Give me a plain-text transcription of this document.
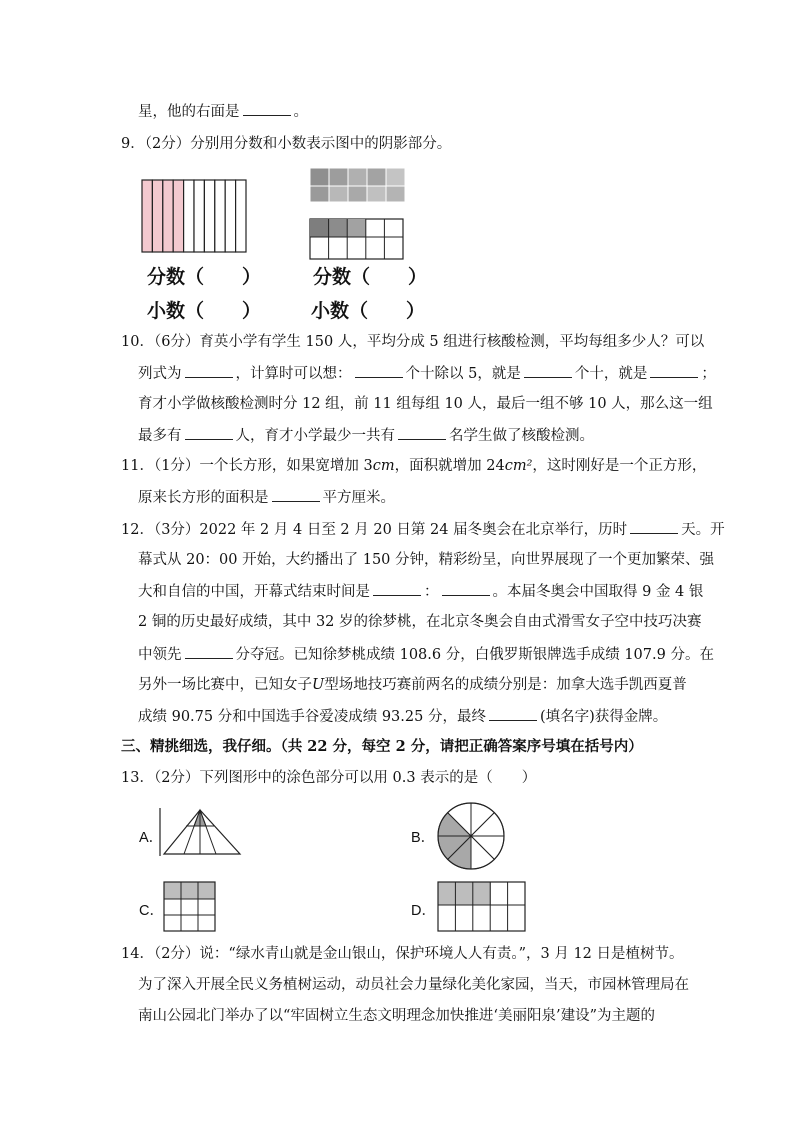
星，他的右面是	。
9．（2分）分别用分数和小数表示图中的阴影部分。
分数（　　）
小数（　　）
分数（　　）
小数（　　）
10．（6分）育英小学有学生 150 人，平均分成 5 组进行核酸检测，平均每组多少人？可以
列式为	，计算时可以想：	个十除以 5，就是	个十，就是	；
育才小学做核酸检测时分 12 组，前 11 组每组 10 人，最后一组不够 10 人，那么这一组
最多有	人，育才小学最少一共有	名学生做了核酸检测。
11．（1分）一个长方形，如果宽增加 3cm，面积就增加 24cm²，这时刚好是一个正方形，
原来长方形的面积是	平方厘米。
12．（3分）2022 年 2 月 4 日至 2 月 20 日第 24 届冬奥会在北京举行，历时	天。开
幕式从 20：00 开始，大约播出了 150 分钟，精彩纷呈，向世界展现了一个更加繁荣、强
大和自信的中国，开幕式结束时间是	：	。本届冬奥会中国取得 9 金 4 银
2 铜的历史最好成绩，其中 32 岁的徐梦桃，在北京冬奥会自由式滑雪女子空中技巧决赛
中领先	分夺冠。已知徐梦桃成绩 108.6 分，白俄罗斯银牌选手成绩 107.9 分。在
另外一场比赛中，已知女子U型场地技巧赛前两名的成绩分别是：加拿大选手凯西夏普
成绩 90.75 分和中国选手谷爱凌成绩 93.25 分，最终	(填名字)获得金牌。
三、精挑细选，我仔细。（共 22 分，每空 2 分，请把正确答案序号填在括号内）
13．（2分）下列图形中的涂色部分可以用 0.3 表示的是（　　）
A．	B．
C．	D．
14．（2分）说：“绿水青山就是金山银山，保护环境人人有责。”，3 月 12 日是植树节。
为了深入开展全民义务植树运动，动员社会力量绿化美化家园，当天，市园林管理局在
南山公园北门举办了以“牢固树立生态文明理念加快推进‘美丽阳泉’建设”为主题的
